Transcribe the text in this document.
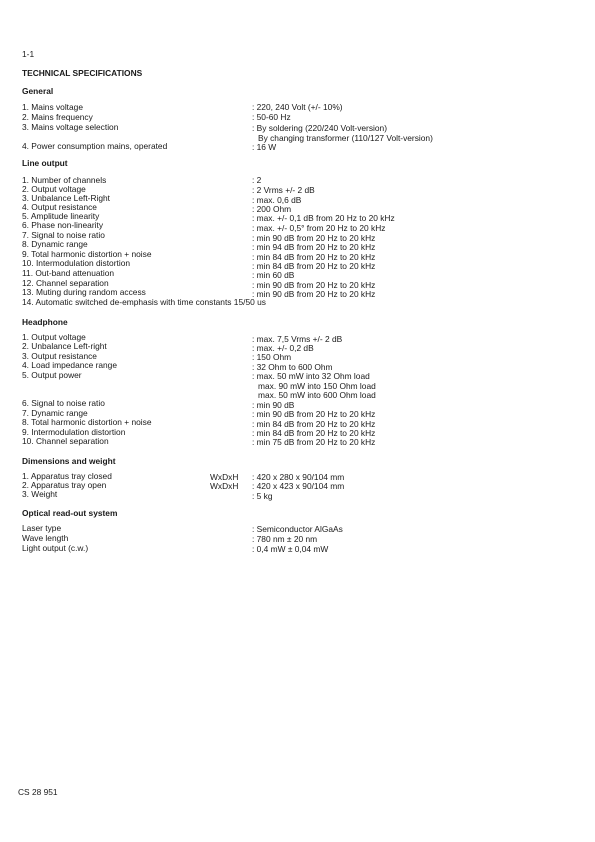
1-1
TECHNICAL SPECIFICATIONS
General
1. Mains voltage	: 220, 240 Volt (+/- 10%)
2. Mains frequency	: 50-60 Hz
3. Mains voltage selection	: By soldering (220/240 Volt-version)
By changing transformer (110/127 Volt-version)
4. Power consumption mains, operated	: 16 W
Line output
1. Number of channels	: 2
2. Output voltage	: 2 Vrms +/- 2 dB
3. Unbalance Left-Right	: max. 0,6 dB
4. Output resistance	: 200 Ohm
5. Amplitude linearity	: max. +/- 0,1 dB from 20 Hz to 20 kHz
6. Phase non-linearity	: max. +/- 0,5° from 20 Hz to 20 kHz
7. Signal to noise ratio	: min 90 dB from 20 Hz to 20 kHz
8. Dynamic range	: min 94 dB from 20 Hz to 20 kHz
9. Total harmonic distortion + noise	: min 84 dB from 20 Hz to 20 kHz
10. Intermodulation distortion	: min 84 dB from 20 Hz to 20 kHz
11. Out-band attenuation	: min 60 dB
12. Channel separation	: min 90 dB from 20 Hz to 20 kHz
13. Muting during random access	: min 90 dB from 20 Hz to 20 kHz
14. Automatic switched de-emphasis with time constants 15/50 us
Headphone
1. Output voltage	: max. 7,5 Vrms +/- 2 dB
2. Unbalance Left-right	: max. +/- 0,2 dB
3. Output resistance	: 150 Ohm
4. Load impedance range	: 32 Ohm to 600 Ohm
5. Output power	: max. 50 mW into 32 Ohm load
max. 90 mW into 150 Ohm load
max. 50 mW into 600 Ohm load
6. Signal to noise ratio	: min 90 dB
7. Dynamic range	: min 90 dB from 20 Hz to 20 kHz
8. Total harmonic distortion + noise	: min 84 dB from 20 Hz to 20 kHz
9. Intermodulation distortion	: min 84 dB from 20 Hz to 20 kHz
10. Channel separation	: min 75 dB from 20 Hz to 20 kHz
Dimensions and weight
1. Apparatus tray closed	WxDxH : 420 x 280 x 90/104 mm
2. Apparatus tray open	WxDxH : 420 x 423 x 90/104 mm
3. Weight	: 5 kg
Optical read-out system
Laser type	: Semiconductor AlGaAs
Wave length	: 780 nm ± 20 nm
Light output (c.w.)	: 0,4 mW ± 0,04 mW
CS 28 951
